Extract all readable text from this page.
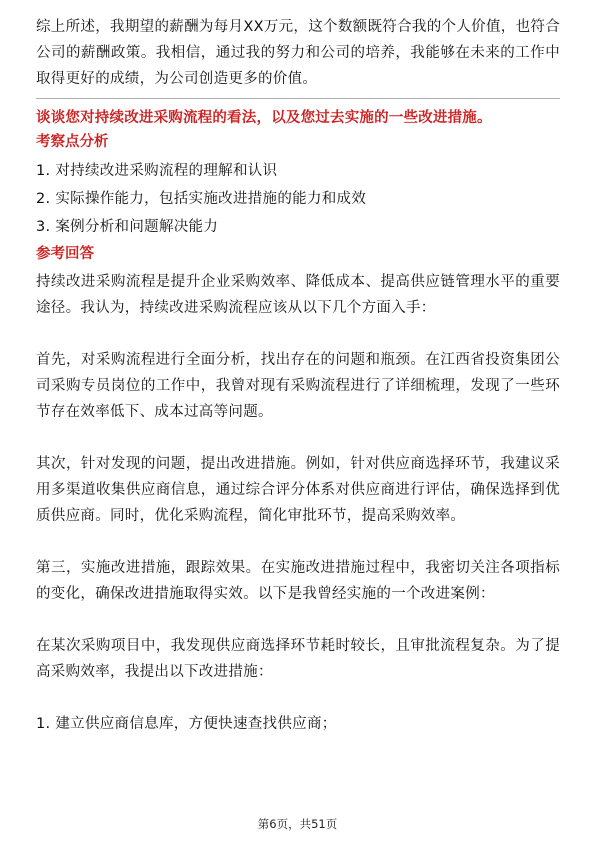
综上所述，我期望的薪酬为每月XX万元，这个数额既符合我的个人价值，也符合公司的薪酬政策。我相信，通过我的努力和公司的培养，我能够在未来的工作中取得更好的成绩，为公司创造更多的价值。

谈谈您对持续改进采购流程的看法，以及您过去实施的一些改进措施。
考察点分析
1. 对持续改进采购流程的理解和认识
2. 实际操作能力，包括实施改进措施的能力和成效
3. 案例分析和问题解决能力
参考回答

持续改进采购流程是提升企业采购效率、降低成本、提高供应链管理水平的重要途径。我认为，持续改进采购流程应该从以下几个方面入手：

首先，对采购流程进行全面分析，找出存在的问题和瓶颈。在江西省投资集团公司采购专员岗位的工作中，我曾对现有采购流程进行了详细梳理，发现了一些环节存在效率低下、成本过高等问题。

其次，针对发现的问题，提出改进措施。例如，针对供应商选择环节，我建议采用多渠道收集供应商信息，通过综合评分体系对供应商进行评估，确保选择到优质供应商。同时，优化采购流程，简化审批环节，提高采购效率。

第三，实施改进措施，跟踪效果。在实施改进措施过程中，我密切关注各项指标的变化，确保改进措施取得实效。以下是我曾经实施的一个改进案例：

在某次采购项目中，我发现供应商选择环节耗时较长，且审批流程复杂。为了提高采购效率，我提出以下改进措施：

1. 建立供应商信息库，方便快速查找供应商；

第6页，共51页
